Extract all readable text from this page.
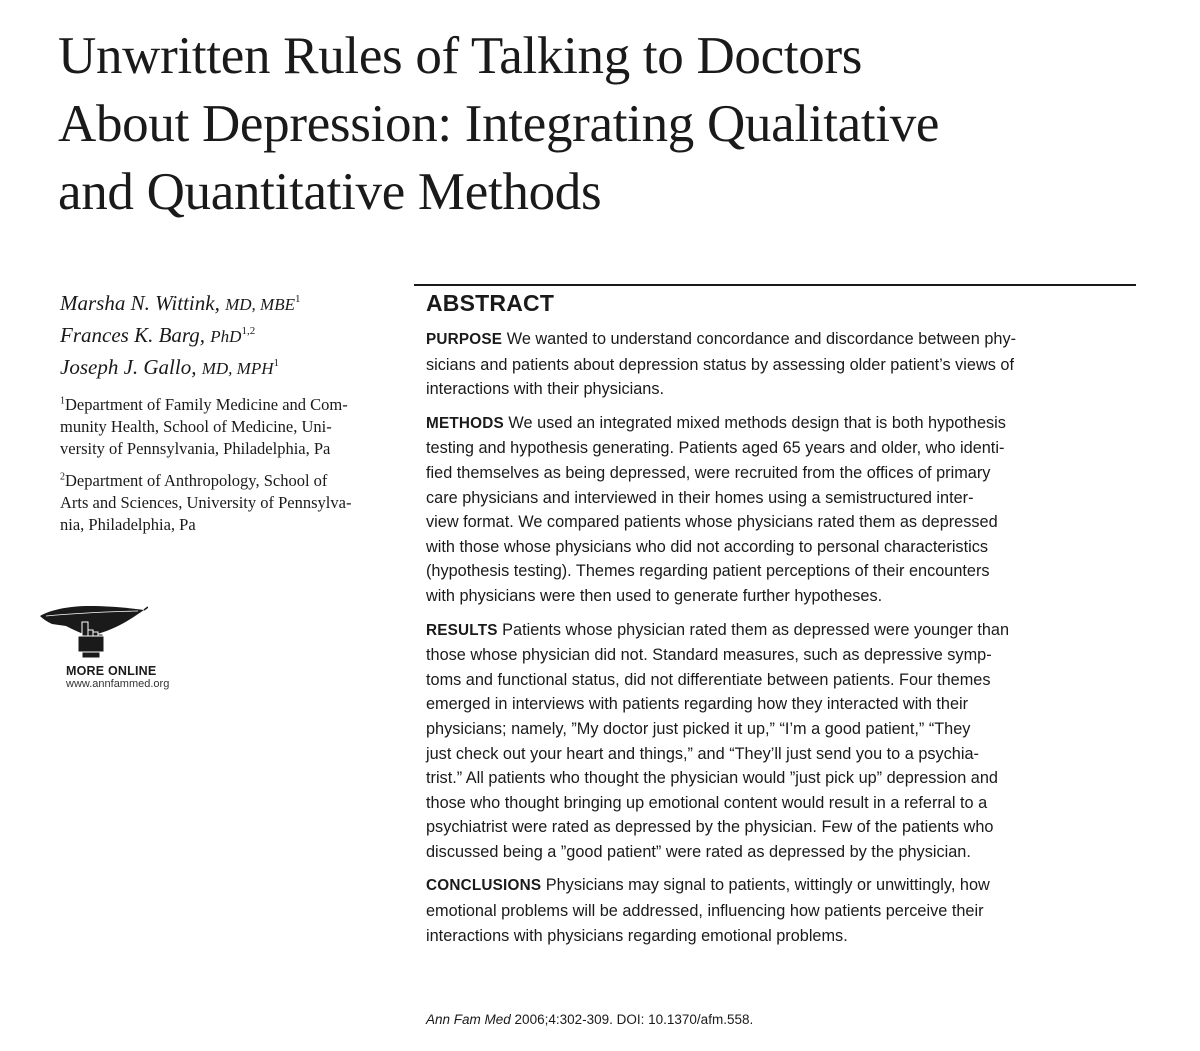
Unwritten Rules of Talking to Doctors
About Depression: Integrating Qualitative
and Quantitative Methods
Marsha N. Wittink, MD, MBE$^1$
Frances K. Barg, PhD$^{1,2}$
Joseph J. Gallo, MD, MPH$^1$
$^1$Department of Family Medicine and Com-
munity Health, School of Medicine, Uni-
versity of Pennsylvania, Philadelphia, Pa
$^2$Department of Anthropology, School of
Arts and Sciences, University of Pennsylva-
nia, Philadelphia, Pa
MORE ONLINE
www.annfammed.org
ABSTRACT
PURPOSE We wanted to understand concordance and discordance between phy-
sicians and patients about depression status by assessing older patient’s views of
interactions with their physicians.
METHODS We used an integrated mixed methods design that is both hypothesis
testing and hypothesis generating. Patients aged 65 years and older, who identi-
fied themselves as being depressed, were recruited from the offices of primary
care physicians and interviewed in their homes using a semistructured inter-
view format. We compared patients whose physicians rated them as depressed
with those whose physicians who did not according to personal characteristics
(hypothesis testing). Themes regarding patient perceptions of their encounters
with physicians were then used to generate further hypotheses.
RESULTS Patients whose physician rated them as depressed were younger than
those whose physician did not. Standard measures, such as depressive symp-
toms and functional status, did not differentiate between patients. Four themes
emerged in interviews with patients regarding how they interacted with their
physicians; namely, ”My doctor just picked it up,” “I’m a good patient,” “They
just check out your heart and things,” and “They’ll just send you to a psychia-
trist.” All patients who thought the physician would ”just pick up” depression and
those who thought bringing up emotional content would result in a referral to a
psychiatrist were rated as depressed by the physician. Few of the patients who
discussed being a ”good patient” were rated as depressed by the physician.
CONCLUSIONS Physicians may signal to patients, wittingly or unwittingly, how
emotional problems will be addressed, influencing how patients perceive their
interactions with physicians regarding emotional problems.
Ann Fam Med 2006;4:302-309. DOI: 10.1370/afm.558.
